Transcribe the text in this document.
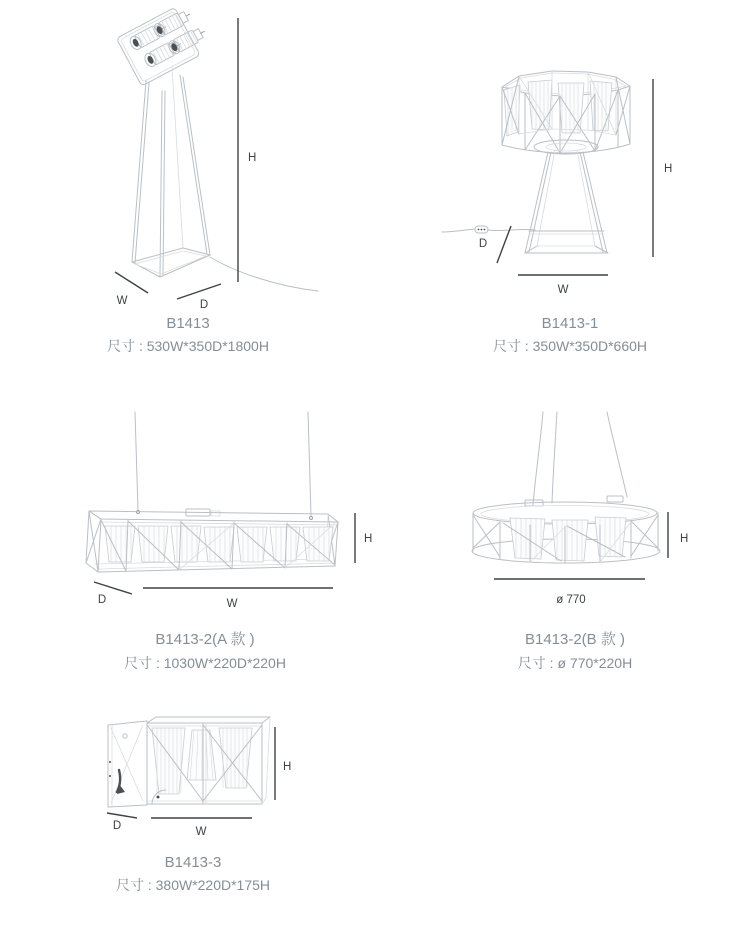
H
W	D
B1413
尺寸 : 530W*350D*1800H
H
W
D
B1413-1
尺寸 : 350W*350D*660H
H
W
D
B1413-2(A 款 )
尺寸 : 1030W*220D*220H
H
ø 770
B1413-2(B 款 )
尺寸 : ø 770*220H
H
W
D
B1413-3
尺寸 : 380W*220D*175H
